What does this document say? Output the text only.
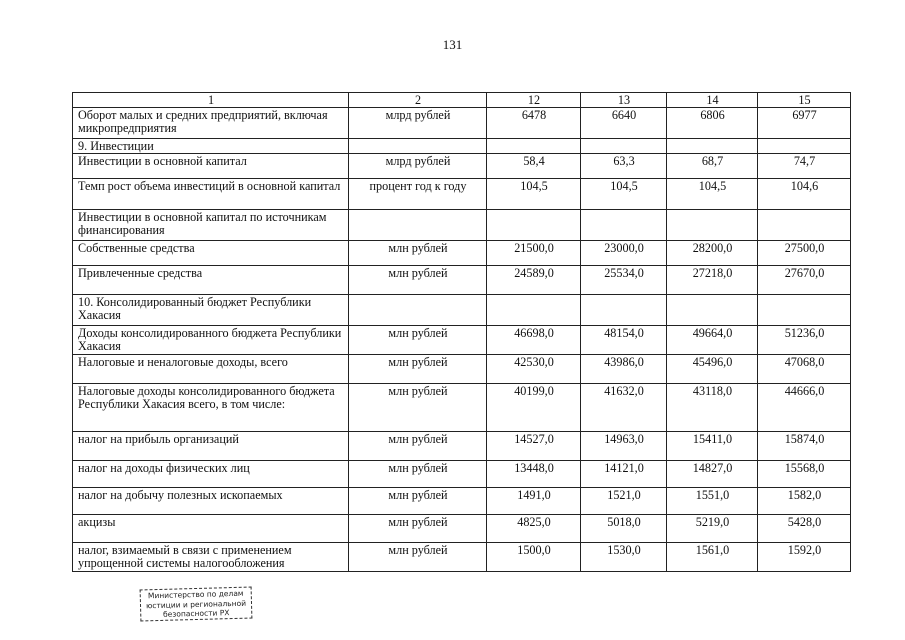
131
1	2	12	13	14	15
Оборот малых и средних предприятий, включая микропредприятия	млрд рублей	6478	6640	6806	6977
9. Инвестиции					
Инвестиции в основной капитал	млрд рублей	58,4	63,3	68,7	74,7
Темп рост объема инвестиций в основной капитал	процент год к году	104,5	104,5	104,5	104,6
Инвестиции в основной капитал по источникам финансирования					
Собственные средства	млн рублей	21500,0	23000,0	28200,0	27500,0
Привлеченные средства	млн рублей	24589,0	25534,0	27218,0	27670,0
10. Консолидированный бюджет Республики Хакасия					
Доходы консолидированного бюджета Республики Хакасия	млн рублей	46698,0	48154,0	49664,0	51236,0
Налоговые и неналоговые доходы, всего	млн рублей	42530,0	43986,0	45496,0	47068,0
Налоговые доходы консолидированного бюджета Республики Хакасия всего, в том числе:	млн рублей	40199,0	41632,0	43118,0	44666,0
налог на прибыль организаций	млн рублей	14527,0	14963,0	15411,0	15874,0
налог на доходы физических лиц	млн рублей	13448,0	14121,0	14827,0	15568,0
налог на добычу полезных ископаемых	млн рублей	1491,0	1521,0	1551,0	1582,0
акцизы	млн рублей	4825,0	5018,0	5219,0	5428,0
налог, взимаемый в связи с применением упрощенной системы налогообложения	млн рублей	1500,0	1530,0	1561,0	1592,0
Министерство по делам
юстиции и региональной
безопасности РХ
